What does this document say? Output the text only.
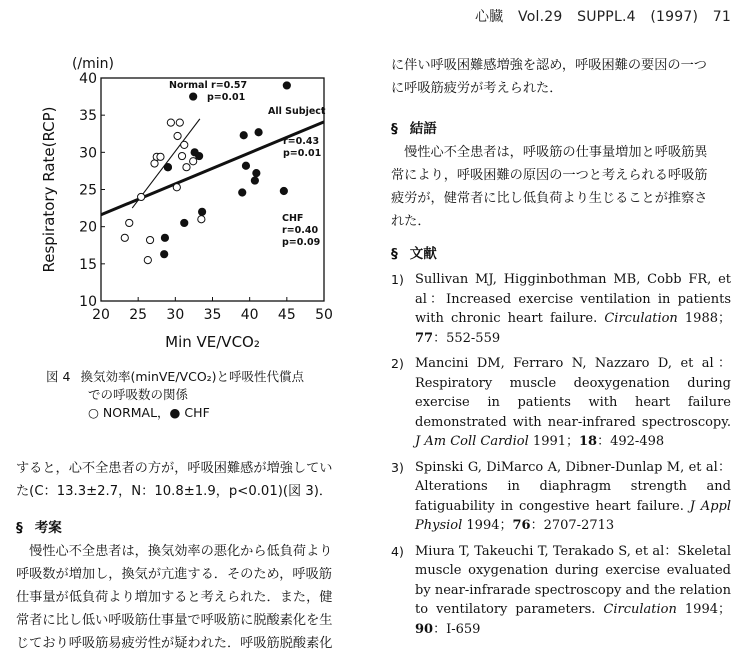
心臓 Vol.29 SUPPL.4 (1997) 71
20 25 30 35 40 45 50
10
15
20
25
30
35
40
Min VE/VCO₂
Respiratory Rate(RCP)
(/min)
Normal r=0.57
p=0.01
All Subject
r=0.43
p=0.01
CHF
r=0.40
p=0.09
図 4 換気効率(minVE/VCO₂)と呼吸性代償点
での呼吸数の関係
○ NORMAL，● CHF
すると，心不全患者の方が，呼吸困難感が増強してい
た(C：13.3±2.7，N：10.8±1.9，p<0.01)(図 3)．
§ 考案
　慢性心不全患者は，換気効率の悪化から低負荷より
呼吸数が増加し，換気が亢進する．そのため，呼吸筋
仕事量が低負荷より増加すると考えられた．また，健
常者に比し低い呼吸筋仕事量で呼吸筋に脱酸素化を生
じており呼吸筋易疲労性が疑われた．呼吸筋脱酸素化
に伴い呼吸困難感増強を認め，呼吸困難の要因の一つ
に呼吸筋疲労が考えられた．
§ 結語
　慢性心不全患者は，呼吸筋の仕事量増加と呼吸筋異
常により，呼吸困難の原因の一つと考えられる呼吸筋
疲労が，健常者に比し低負荷より生じることが推察さ
れた．
§ 文献
1) Sullivan MJ, Higginbothman MB, Cobb FR, et al：Increased exercise ventilation in patients with chronic heart failure. Circulation 1988；77：552-559
2) Mancini DM, Ferraro N, Nazzaro D, et al：Respiratory muscle deoxygenation during exercise in patients with heart failure demonstrated with near-infrared spectroscopy. J Am Coll Cardiol 1991；18：492-498
3) Spinski G, DiMarco A, Dibner-Dunlap M, et al：Alterations in diaphragm strength and fatiguability in congestive heart failure. J Appl Physiol 1994；76：2707-2713
4) Miura T, Takeuchi T, Terakado S, et al：Skeletal muscle oxygenation during exercise evaluated by near-infrarade spectroscopy and the relation to ventilatory parameters. Circulation 1994；90：I-659
